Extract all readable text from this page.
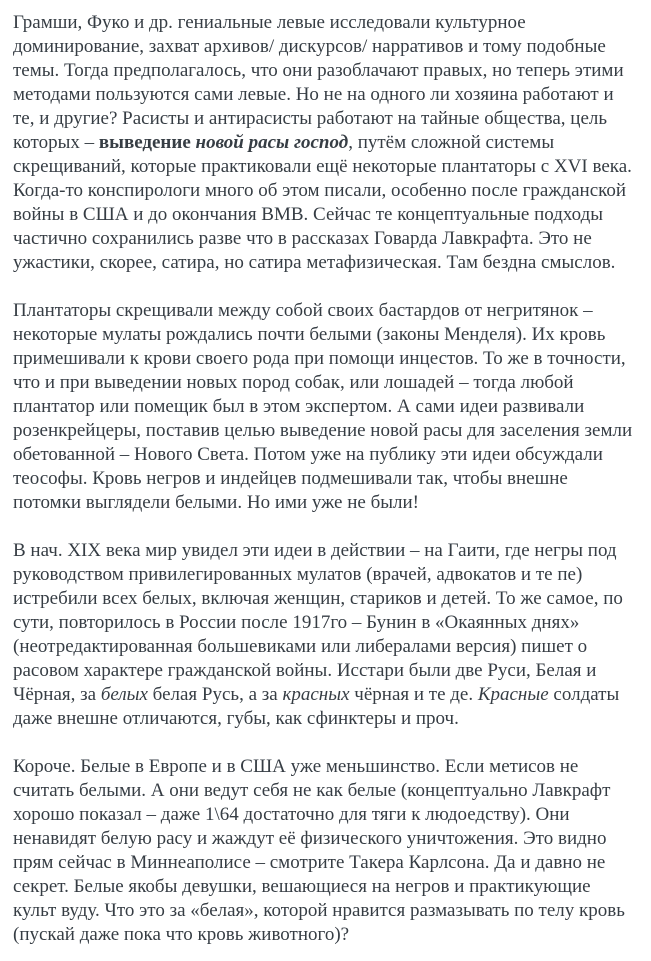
Грамши, Фуко и др. гениальные левые исследовали культурное доминирование, захват архивов/ дискурсов/ нарративов и тому подобные темы. Тогда предполагалось, что они разоблачают правых, но теперь этими методами пользуются сами левые. Но не на одного ли хозяина работают и те, и другие? Расисты и антирасисты работают на тайные общества, цель которых – выведение новой расы господ, путём сложной системы скрещиваний, которые практиковали ещё некоторые плантаторы с XVI века. Когда-то конспирологи много об этом писали, особенно после гражданской войны в США и до окончания ВМВ. Сейчас те концептуальные подходы частично сохранились разве что в рассказах Говарда Лавкрафта. Это не ужастики, скорее, сатира, но сатира метафизическая. Там бездна смыслов.

Плантаторы скрещивали между собой своих бастардов от негритянок – некоторые мулаты рождались почти белыми (законы Менделя). Их кровь примешивали к крови своего рода при помощи инцестов. То же в точности, что и при выведении новых пород собак, или лошадей – тогда любой плантатор или помещик был в этом экспертом. А сами идеи развивали розенкрейцеры, поставив целью выведение новой расы для заселения земли обетованной – Нового Света. Потом уже на публику эти идеи обсуждали теософы. Кровь негров и индейцев подмешивали так, чтобы внешне потомки выглядели белыми. Но ими уже не были!

В нач. XIX века мир увидел эти идеи в действии – на Гаити, где негры под руководством привилегированных мулатов (врачей, адвокатов и те пе) истребили всех белых, включая женщин, стариков и детей. То же самое, по сути, повторилось в России после 1917го – Бунин в «Окаянных днях» (неотредактированная большевиками или либералами версия) пишет о расовом характере гражданской войны. Исстари были две Руси, Белая и Чёрная, за белых белая Русь, а за красных чёрная и те де. Красные солдаты даже внешне отличаются, губы, как сфинктеры и проч.

Короче. Белые в Европе и в США уже меньшинство. Если метисов не считать белыми. А они ведут себя не как белые (концептуально Лавкрафт хорошо показал – даже 1\64 достаточно для тяги к людоедству). Они ненавидят белую расу и жаждут её физического уничтожения. Это видно прям сейчас в Миннеаполисе – смотрите Такера Карлсона. Да и давно не секрет. Белые якобы девушки, вешающиеся на негров и практикующие культ вуду. Что это за «белая», которой нравится размазывать по телу кровь (пускай даже пока что кровь животного)?
